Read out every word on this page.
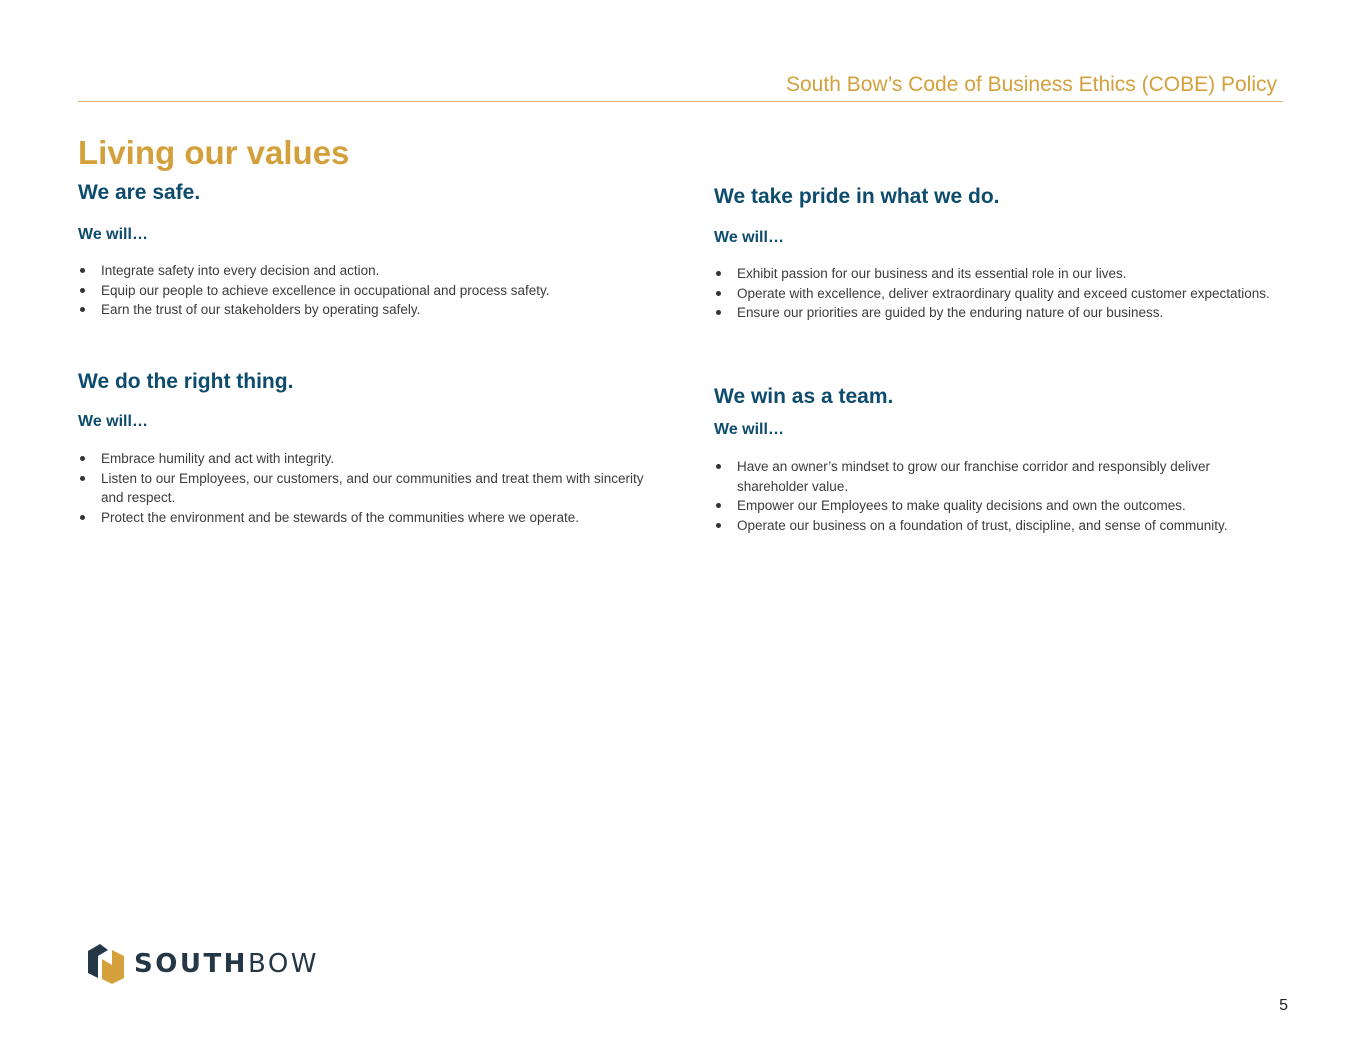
South Bow’s Code of Business Ethics (COBE) Policy
Living our values
We are safe.
We will…
Integrate safety into every decision and action.
Equip our people to achieve excellence in occupational and process safety.
Earn the trust of our stakeholders by operating safely.
We do the right thing.
We will…
Embrace humility and act with integrity.
Listen to our Employees, our customers, and our communities and treat them with sincerity and respect.
Protect the environment and be stewards of the communities where we operate.
We take pride in what we do.
We will…
Exhibit passion for our business and its essential role in our lives.
Operate with excellence, deliver extraordinary quality and exceed customer expectations.
Ensure our priorities are guided by the enduring nature of our business.
We win as a team.
We will…
Have an owner’s mindset to grow our franchise corridor and responsibly deliver shareholder value.
Empower our Employees to make quality decisions and own the outcomes.
Operate our business on a foundation of trust, discipline, and sense of community.
SOUTHBOW
5
